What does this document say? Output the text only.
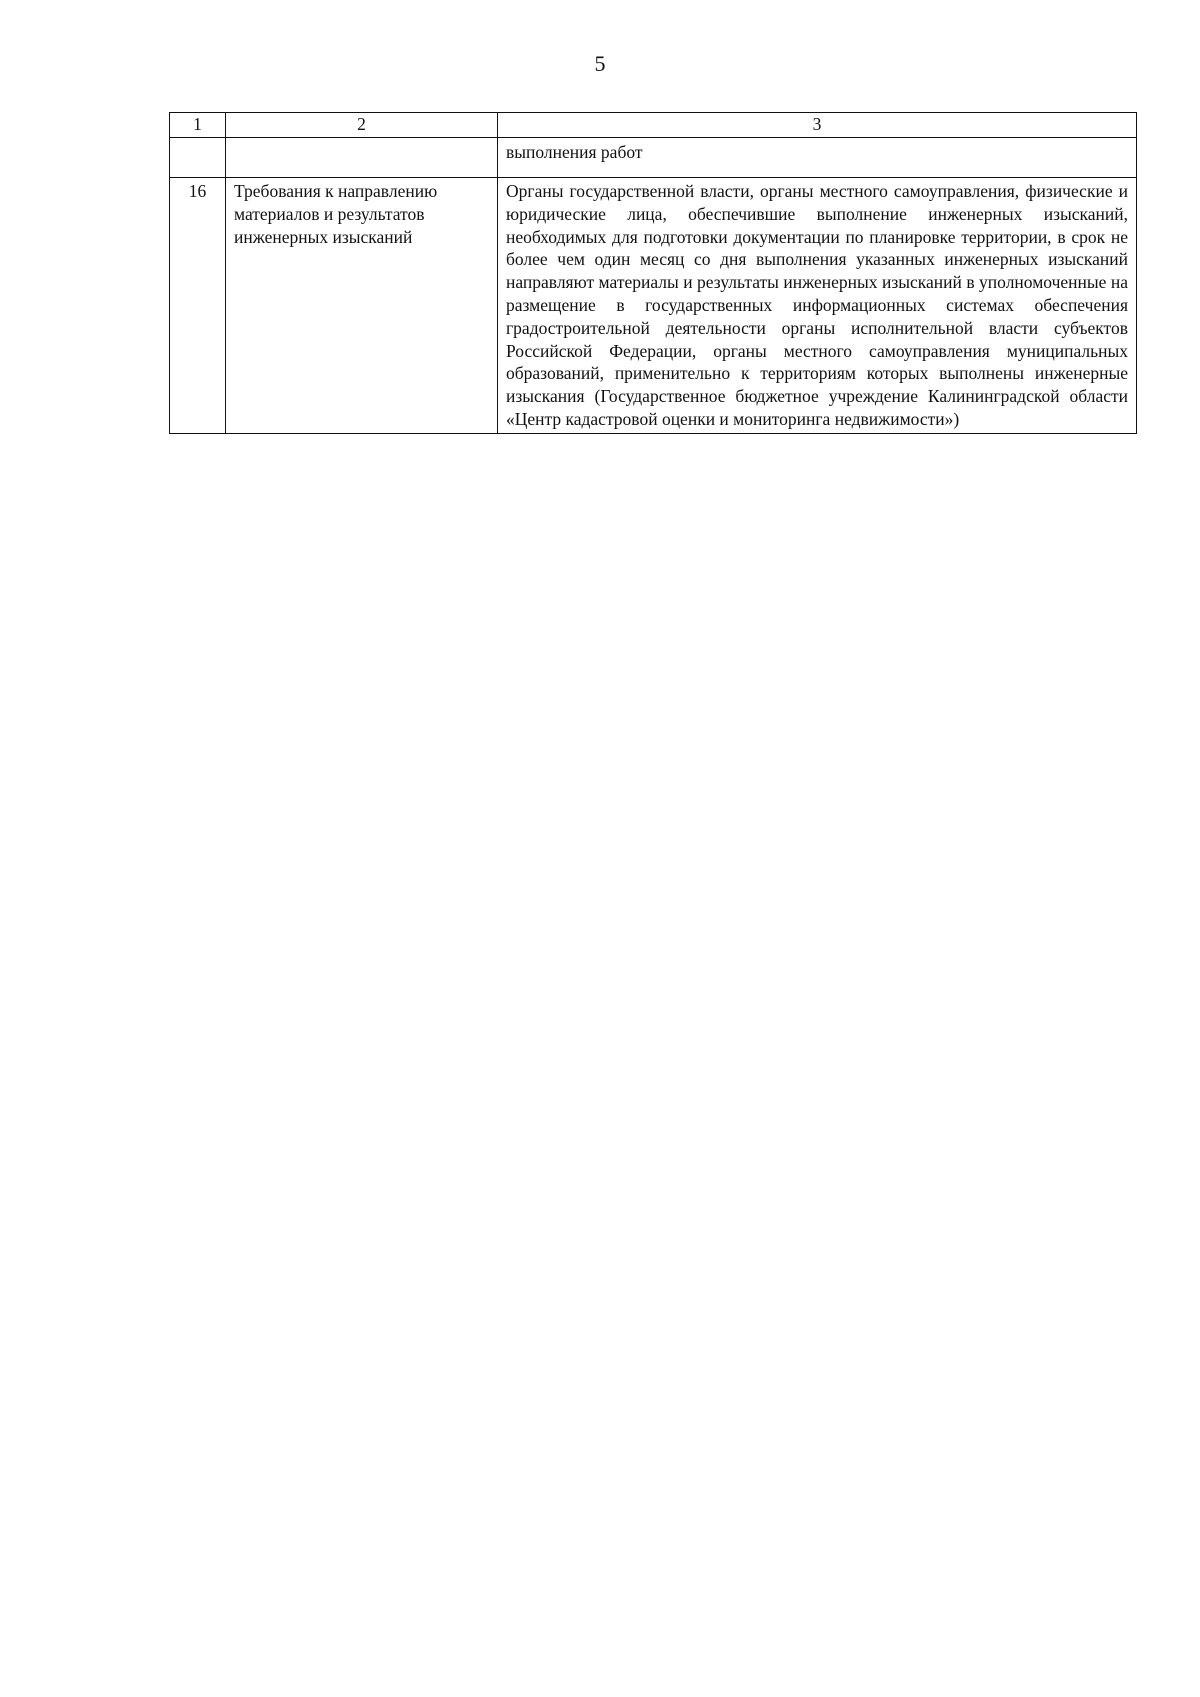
5
1	2	3
		выполнения работ
16	Требования к направлению материалов и результатов инженерных изысканий	Органы государственной власти, органы местного самоуправления, физические и юридические лица, обеспечившие выполнение инженерных изысканий, необходимых для подготовки документации по планировке территории, в срок не более чем один месяц со дня выполнения указанных инженерных изысканий направляют материалы и результаты инженерных изысканий в уполномоченные на размещение в государственных информационных системах обеспечения градостроительной деятельности органы исполнительной власти субъектов Российской Федерации, органы местного самоуправления муниципальных образований, применительно к территориям которых выполнены инженерные изыскания (Государственное бюджетное учреждение Калининградской области «Центр кадастровой оценки и мониторинга недвижимости»)
